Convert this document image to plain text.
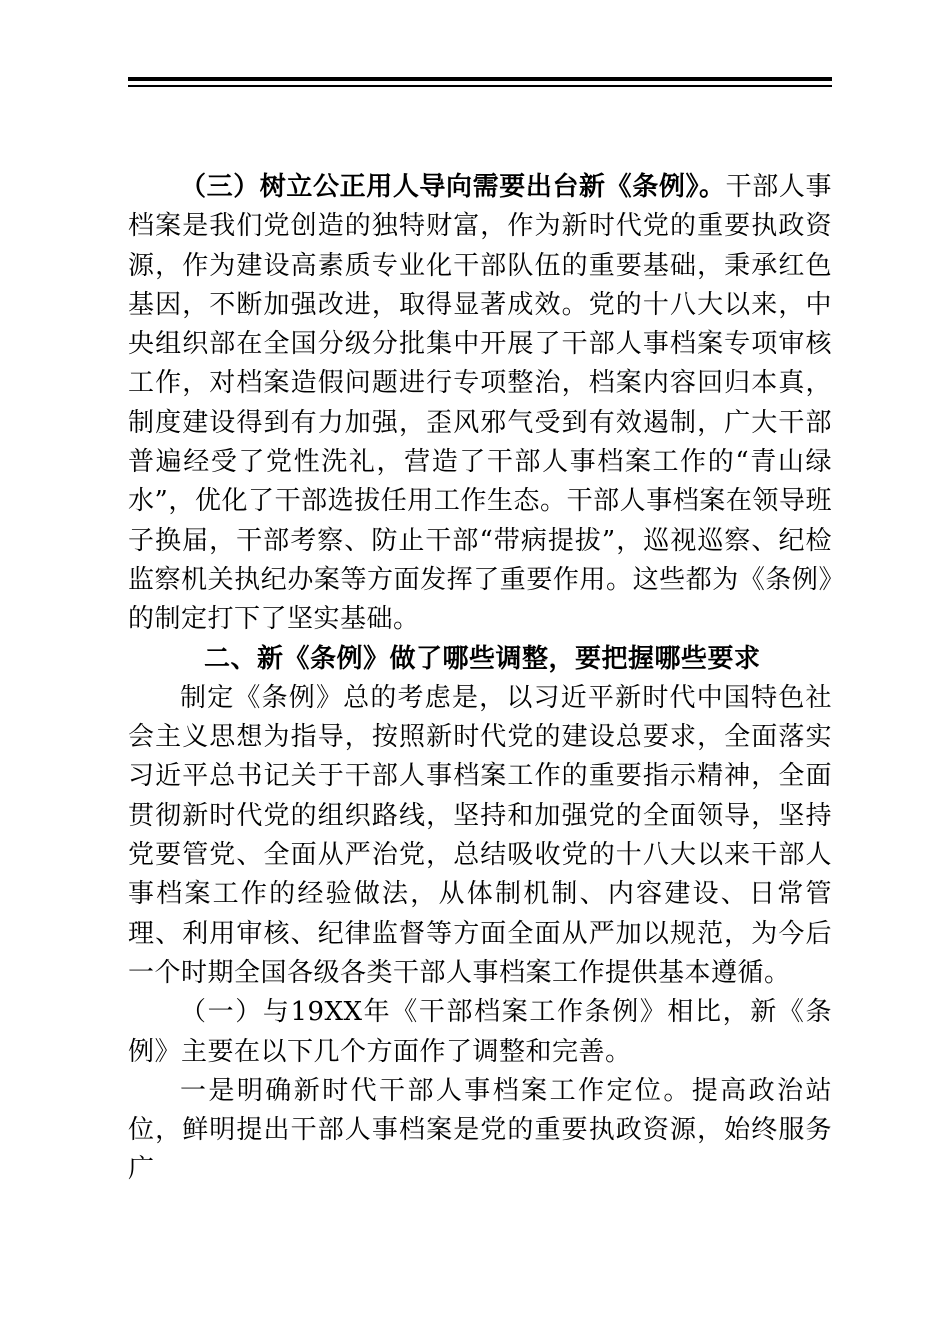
（三）树立公正用人导向需要出台新《条例》。干部人事档案是我们党创造的独特财富，作为新时代党的重要执政资源，作为建设高素质专业化干部队伍的重要基础，秉承红色基因，不断加强改进，取得显著成效。党的十八大以来，中央组织部在全国分级分批集中开展了干部人事档案专项审核工作，对档案造假问题进行专项整治，档案内容回归本真，制度建设得到有力加强，歪风邪气受到有效遏制，广大干部普遍经受了党性洗礼，营造了干部人事档案工作的“青山绿水”，优化了干部选拔任用工作生态。干部人事档案在领导班子换届，干部考察、防止干部“带病提拔”，巡视巡察、纪检监察机关执纪办案等方面发挥了重要作用。这些都为《条例》的制定打下了坚实基础。

二、新《条例》做了哪些调整，要把握哪些要求

制定《条例》总的考虑是，以习近平新时代中国特色社会主义思想为指导，按照新时代党的建设总要求，全面落实习近平总书记关于干部人事档案工作的重要指示精神，全面贯彻新时代党的组织路线，坚持和加强党的全面领导，坚持党要管党、全面从严治党，总结吸收党的十八大以来干部人事档案工作的经验做法，从体制机制、内容建设、日常管理、利用审核、纪律监督等方面全面从严加以规范，为今后一个时期全国各级各类干部人事档案工作提供基本遵循。

（一）与19XX年《干部档案工作条例》相比，新《条例》主要在以下几个方面作了调整和完善。

一是明确新时代干部人事档案工作定位。提高政治站位，鲜明提出干部人事档案是党的重要执政资源，始终服务广
